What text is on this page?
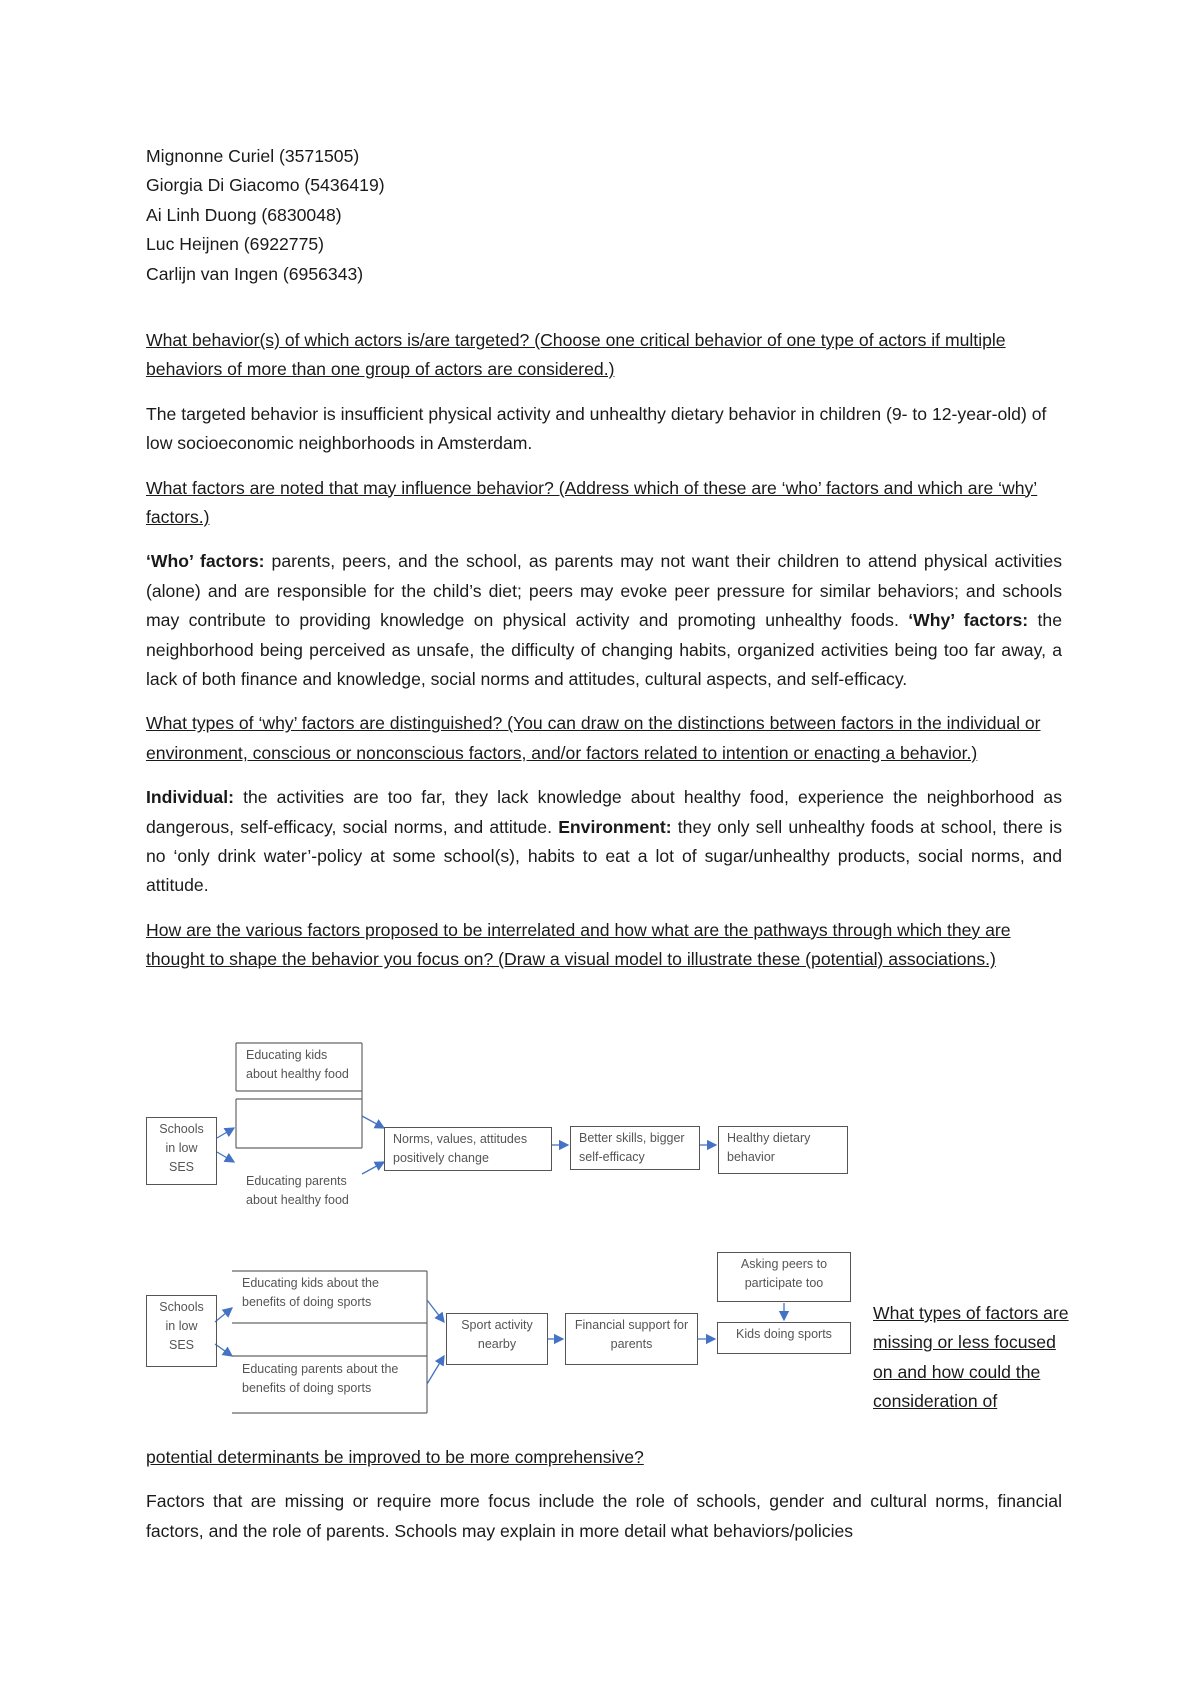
Mignonne Curiel (3571505)
Giorgia Di Giacomo (5436419)
Ai Linh Duong (6830048)
Luc Heijnen (6922775)
Carlijn van Ingen (6956343)

What behavior(s) of which actors is/are targeted? (Choose one critical behavior of one type of actors if multiple behaviors of more than one group of actors are considered.)

The targeted behavior is insufficient physical activity and unhealthy dietary behavior in children (9- to 12-year-old) of low socioeconomic neighborhoods in Amsterdam.

What factors are noted that may influence behavior? (Address which of these are ‘who’ factors and which are ‘why’ factors.)

‘Who’ factors: parents, peers, and the school, as parents may not want their children to attend physical activities (alone) and are responsible for the child’s diet; peers may evoke peer pressure for similar behaviors; and schools may contribute to providing knowledge on physical activity and promoting unhealthy foods. ‘Why’ factors: the neighborhood being perceived as unsafe, the difficulty of changing habits, organized activities being too far away, a lack of both finance and knowledge, social norms and attitudes, cultural aspects, and self-efficacy.

What types of ‘why’ factors are distinguished? (You can draw on the distinctions between factors in the individual or environment, conscious or nonconscious factors, and/or factors related to intention or enacting a behavior.)

Individual: the activities are too far, they lack knowledge about healthy food, experience the neighborhood as dangerous, self-efficacy, social norms, and attitude. Environment: they only sell unhealthy foods at school, there is no ‘only drink water’-policy at some school(s), habits to eat a lot of sugar/unhealthy products, social norms, and attitude.

How are the various factors proposed to be interrelated and how what are the pathways through which they are thought to shape the behavior you focus on? (Draw a visual model to illustrate these (potential) associations.)

Schools in low SES
Educating kids about healthy food
Educating parents about healthy food
Norms, values, attitudes positively change
Better skills, bigger self-efficacy
Healthy dietary behavior
Schools in low SES
Educating kids about the benefits of doing sports
Educating parents about the benefits of doing sports
Sport activity nearby
Financial support for parents
Asking peers to participate too
Kids doing sports
What types of factors are missing or less focused on and how could the consideration of

potential determinants be improved to be more comprehensive?

Factors that are missing or require more focus include the role of schools, gender and cultural norms, financial factors, and the role of parents. Schools may explain in more detail what behaviors/policies
